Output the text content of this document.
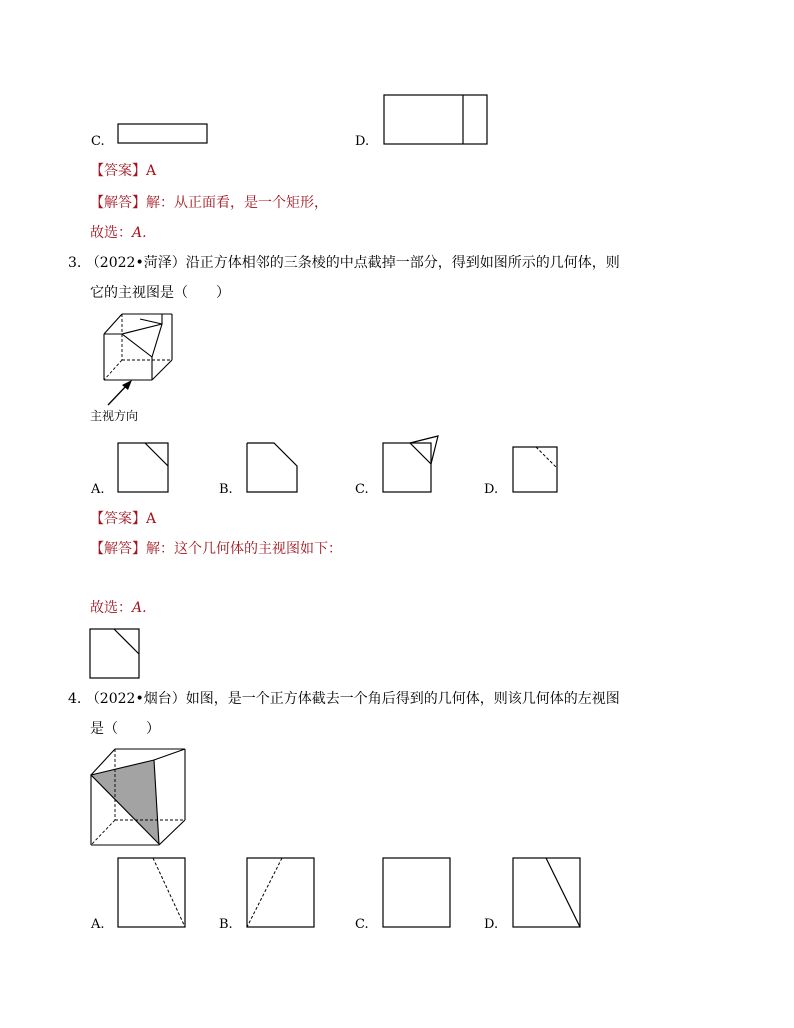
C.	D.
【答案】A
【解答】解：从正面看，是一个矩形，
故选：A.
3. （2022•菏泽）沿正方体相邻的三条棱的中点截掉一部分，得到如图所示的几何体，则
它的主视图是（　　）
主视方向
A.	B.	C.	D.
【答案】A
【解答】解：这个几何体的主视图如下：
故选：A.
4. （2022•烟台）如图，是一个正方体截去一个角后得到的几何体，则该几何体的左视图
是（　　）
A.	B.	C.	D.
